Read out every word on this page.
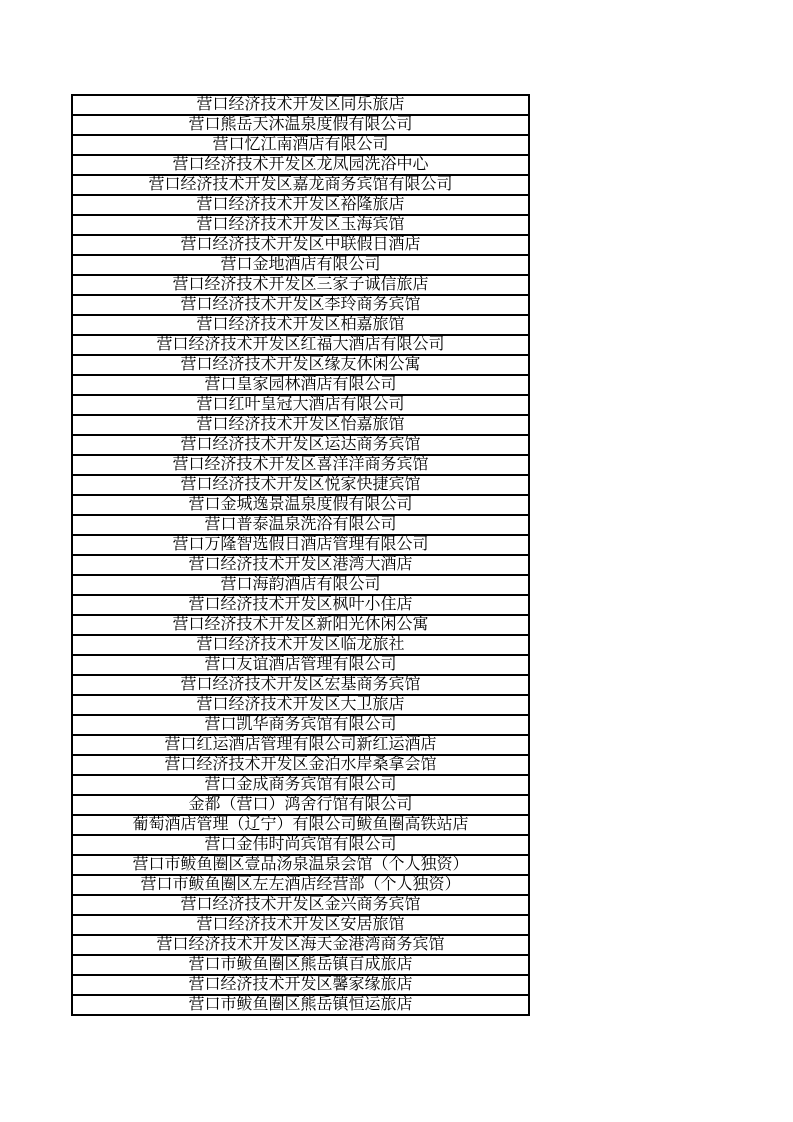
营口经济技术开发区同乐旅店
营口熊岳天沐温泉度假有限公司
营口忆江南酒店有限公司
营口经济技术开发区龙凤园洗浴中心
营口经济技术开发区嘉龙商务宾馆有限公司
营口经济技术开发区裕隆旅店
营口经济技术开发区玉海宾馆
营口经济技术开发区中联假日酒店
营口金地酒店有限公司
营口经济技术开发区三家子诚信旅店
营口经济技术开发区李玲商务宾馆
营口经济技术开发区柏嘉旅馆
营口经济技术开发区红福大酒店有限公司
营口经济技术开发区缘友休闲公寓
营口皇家园林酒店有限公司
营口红叶皇冠大酒店有限公司
营口经济技术开发区怡嘉旅馆
营口经济技术开发区运达商务宾馆
营口经济技术开发区喜洋洋商务宾馆
营口经济技术开发区悦家快捷宾馆
营口金城逸景温泉度假有限公司
营口普泰温泉洗浴有限公司
营口万隆智选假日酒店管理有限公司
营口经济技术开发区港湾大酒店
营口海韵酒店有限公司
营口经济技术开发区枫叶小住店
营口经济技术开发区新阳光休闲公寓
营口经济技术开发区临龙旅社
营口友谊酒店管理有限公司
营口经济技术开发区宏基商务宾馆
营口经济技术开发区大卫旅店
营口凯华商务宾馆有限公司
营口红运酒店管理有限公司新红运酒店
营口经济技术开发区金泊水岸桑拿会馆
营口金成商务宾馆有限公司
金都（营口）鸿舍行馆有限公司
葡萄酒店管理（辽宁）有限公司鲅鱼圈高铁站店
营口金伟时尚宾馆有限公司
营口市鲅鱼圈区壹品汤泉温泉会馆（个人独资）
营口市鲅鱼圈区左左酒店经营部（个人独资）
营口经济技术开发区金兴商务宾馆
营口经济技术开发区安居旅馆
营口经济技术开发区海天金港湾商务宾馆
营口市鲅鱼圈区熊岳镇百成旅店
营口经济技术开发区馨家缘旅店
营口市鲅鱼圈区熊岳镇恒运旅店
